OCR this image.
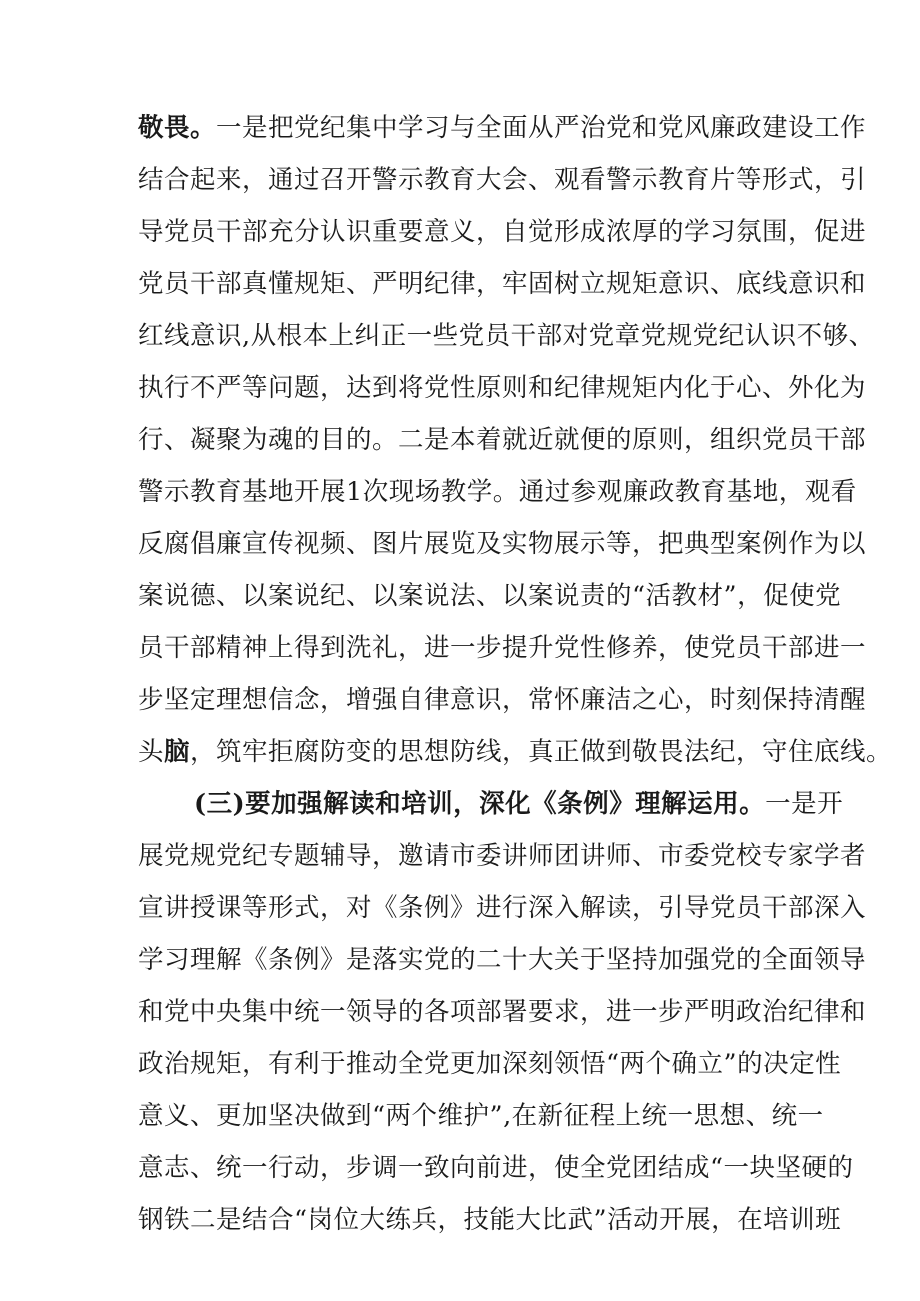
敬畏。一是把党纪集中学习与全面从严治党和党风廉政建设工作
结合起来，通过召开警示教育大会、观看警示教育片等形式，引
导党员干部充分认识重要意义，自觉形成浓厚的学习氛围，促进
党员干部真懂规矩、严明纪律，牢固树立规矩意识、底线意识和
红线意识,从根本上纠正一些党员干部对党章党规党纪认识不够、
执行不严等问题，达到将党性原则和纪律规矩内化于心、外化为
行、凝聚为魂的目的。二是本着就近就便的原则，组织党员干部
警示教育基地开展1次现场教学。通过参观廉政教育基地，观看
反腐倡廉宣传视频、图片展览及实物展示等，把典型案例作为以
案说德、以案说纪、以案说法、以案说责的“活教材”，促使党
员干部精神上得到洗礼，进一步提升党性修养，使党员干部进一
步坚定理想信念，增强自律意识，常怀廉洁之心，时刻保持清醒
头脑，筑牢拒腐防变的思想防线，真正做到敬畏法纪，守住底线。
(三)要加强解读和培训，深化《条例》理解运用。一是开
展党规党纪专题辅导，邀请市委讲师团讲师、市委党校专家学者
宣讲授课等形式，对《条例》进行深入解读，引导党员干部深入
学习理解《条例》是落实党的二十大关于坚持加强党的全面领导
和党中央集中统一领导的各项部署要求，进一步严明政治纪律和
政治规矩，有利于推动全党更加深刻领悟“两个确立”的决定性
意义、更加坚决做到“两个维护”,在新征程上统一思想、统一
意志、统一行动，步调一致向前进，使全党团结成“一块坚硬的
钢铁二是结合“岗位大练兵，技能大比武”活动开展，在培训班
